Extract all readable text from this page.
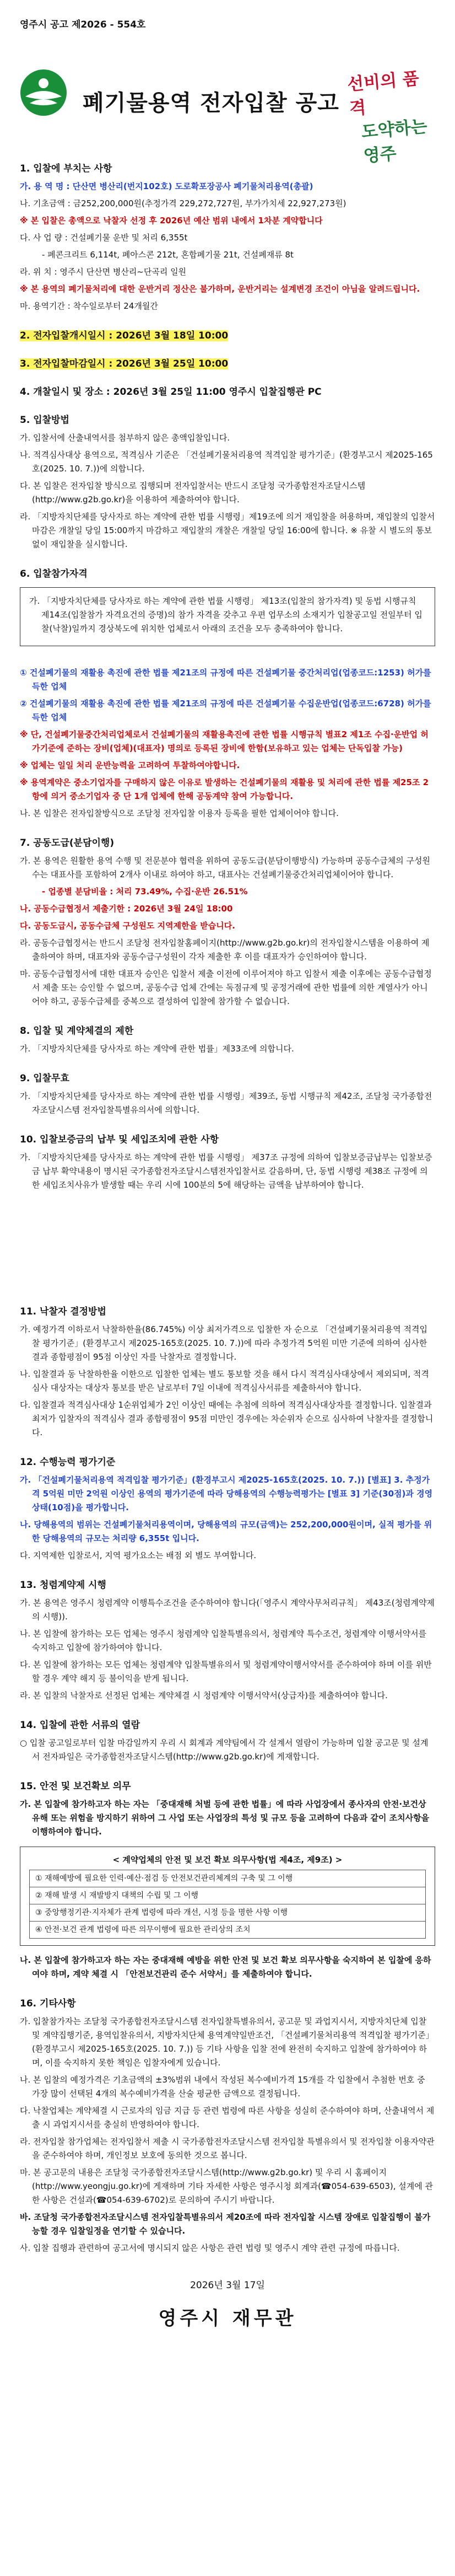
영주시 공고 제2026 - 554호
폐기물용역 전자입찰 공고
선비의 품격
도약하는 영주
1. 입찰에 부치는 사항
가. 용 역 명 : 단산면 병산리(번지102호) 도로확포장공사 폐기물처리용역(총괄)
나. 기초금액 : 금252,200,000원(추정가격 229,272,727원, 부가가치세 22,927,273원)
※ 본 입찰은 총액으로 낙찰자 선정 후 2026년 예산 범위 내에서 1차분 계약합니다
다. 사 업 량 : 건설폐기물 운반 및 처리 6,355t
- 폐콘크리트 6,114t, 폐아스콘 212t, 혼합폐기물 21t, 건설폐재류 8t
라. 위 치 : 영주시 단산면 병산리~단곡리 일원
※ 본 용역의 폐기물처리에 대한 운반거리 정산은 불가하며, 운반거리는 설계변경 조건이 아님을 알려드립니다.
마. 용역기간 : 착수일로부터 24개월간
2. 전자입찰개시일시 : 2026년 3월 18일 10:00
3. 전자입찰마감일시 : 2026년 3월 25일 10:00
4. 개찰일시 및 장소 : 2026년 3월 25일 11:00 영주시 입찰집행관 PC
5. 입찰방법
가. 입찰서에 산출내역서를 첨부하지 않은 총액입찰입니다.
나. 적격심사대상 용역으로, 적격심사 기준은 「건설폐기물처리용역 적격입찰 평가기준」(환경부고시 제2025-165호(2025. 10. 7.))에 의합니다.
다. 본 입찰은 전자입찰 방식으로 집행되며 전자입찰서는 반드시 조달청 국가종합전자조달시스템(http://www.g2b.go.kr)을 이용하여 제출하여야 합니다.
라. 「지방자치단체를 당사자로 하는 계약에 관한 법률 시행령」제19조에 의거 재입찰을 허용하며, 재입찰의 입찰서 마감은 개찰일 당일 15:00까지 마감하고 재입찰의 개찰은 개찰일 당일 16:00에 합니다. ※ 유찰 시 별도의 통보 없이 재입찰을 실시합니다.
6. 입찰참가자격
가. 「지방자치단체를 당사자로 하는 계약에 관한 법률 시행령」 제13조(입찰의 참가자격) 및 동법 시행규칙 제14조(입찰참가 자격요건의 증명)의 참가 자격을 갖추고 우편 업무소의 소재지가 입찰공고일 전일부터 입찰(낙찰)일까지 경상북도에 위치한 업체로서 아래의 조건을 모두 충족하여야 합니다.
① 건설폐기물의 재활용 촉진에 관한 법률 제21조의 규정에 따른 건설폐기물 중간처리업(업종코드:1253) 허가를 득한 업체
② 건설폐기물의 재활용 촉진에 관한 법률 제21조의 규정에 따른 건설폐기물 수집운반업(업종코드:6728) 허가를 득한 업체
※ 단, 건설폐기물중간처리업체로서 건설폐기물의 재활용촉진에 관한 법률 시행규칙 별표2 제1조 수집·운반업 허가기준에 준하는 장비(업체)(대표자) 명의로 등록된 장비에 한함(보유하고 있는 업체는 단독입찰 가능)
※ 업체는 일일 처리 운반능력을 고려하여 투찰하여야합니다.
※ 용역계약은 중소기업자를 구매하지 않은 이유로 발생하는 건설폐기물의 재활용 및 처리에 관한 법률 제25조 2항에 의거 중소기업자 중 단 1개 업체에 한해 공동계약 참여 가능합니다.
나. 본 입찰은 전자입찰방식으로 조달청 전자입찰 이용자 등록을 필한 업체이어야 합니다.
7. 공동도급(분담이행)
가. 본 용역은 원활한 용역 수행 및 전문분야 협력을 위하여 공동도급(분담이행방식) 가능하며 공동수급체의 구성원 수는 대표사를 포함하여 2개사 이내로 하여야 하고, 대표사는 건설폐기물중간처리업체이어야 합니다.
- 업종별 분담비율 : 처리 73.49%, 수집·운반 26.51%
나. 공동수급협정서 제출기한 : 2026년 3월 24일 18:00
다. 공동도급시, 공동수급체 구성원도 지역제한을 받습니다.
라. 공동수급협정서는 반드시 조달청 전자입찰홈페이지(http://www.g2b.go.kr)의 전자입찰시스템을 이용하여 제출하여야 하며, 대표자와 공동수급구성원이 각자 제출한 후 이를 대표자가 승인하여야 합니다.
마. 공동수급협정서에 대한 대표자 승인은 입찰서 제출 이전에 이루어져야 하고 입찰서 제출 이후에는 공동수급협정서 제출 또는 승인할 수 없으며, 공동수급 업체 간에는 독점규제 및 공정거래에 관한 법률에 의한 계열사가 아니어야 하고, 공동수급체를 중복으로 결성하여 입찰에 참가할 수 없습니다.
8. 입찰 및 계약체결의 제한
가. 「지방자치단체를 당사자로 하는 계약에 관한 법률」제33조에 의합니다.
9. 입찰무효
가. 「지방자치단체를 당사자로 하는 계약에 관한 법률 시행령」제39조, 동법 시행규칙 제42조, 조달청 국가종합전자조달시스템 전자입찰특별유의서에 의합니다.
10. 입찰보증금의 납부 및 세입조치에 관한 사항
가. 「지방자치단체를 당사자로 하는 계약에 관한 법률 시행령」 제37조 규정에 의하여 입찰보증금납부는 입찰보증금 납부 확약내용이 명시된 국가종합전자조달시스템전자입찰서로 갈음하며, 단, 동법 시행령 제38조 규정에 의한 세입조치사유가 발생할 때는 우리 시에 100분의 5에 해당하는 금액을 납부하여야 합니다.
11. 낙찰자 결정방법
가. 예정가격 이하로서 낙찰하한율(86.745%) 이상 최저가격으로 입찰한 자 순으로 「건설폐기물처리용역 적격입찰 평가기준」(환경부고시 제2025-165호(2025. 10. 7.))에 따라 추정가격 5억원 미만 기준에 의하여 심사한 결과 종합평점이 95점 이상인 자를 낙찰자로 결정합니다.
나. 입찰결과 동 낙찰하한율 이한으로 입찰한 업체는 별도 통보할 것을 해서 다시 적격심사대상에서 제외되며, 적격심사 대상자는 대상자 통보를 받은 날로부터 7일 이내에 적격심사서류를 제출하셔야 합니다.
다. 입찰결과 적격심사대상 1순위업체가 2인 이상인 때에는 추첨에 의하여 적격심사대상자를 결정합니다. 입찰결과 최저가 입찰자의 적격심사 결과 종합평점이 95점 미만인 경우에는 차순위자 순으로 심사하여 낙찰자를 결정합니다.
12. 수행능력 평가기준
가. 「건설폐기물처리용역 적격입찰 평가기준」(환경부고시 제2025-165호(2025. 10. 7.)) [별표] 3. 추정가격 5억원 미만 2억원 이상인 용역의 평가기준에 따라 당해용역의 수행능력평가는 [별표 3] 기준(30점)과 경영상태(10점)을 평가합니다.
나. 당해용역의 범위는 건설폐기물처리용역이며, 당해용역의 규모(금액)는 252,200,000원이며, 실적 평가를 위한 당해용역의 규모는 처리량 6,355t 입니다.
다. 지역제한 입찰로서, 지역 평가요소는 배점 외 별도 부여합니다.
13. 청렴계약제 시행
가. 본 용역은 영주시 청렴계약 이행특수조건을 준수하여야 합니다(「영주시 계약사무처리규칙」 제43조(청렴계약제의 시행)).
나. 본 입찰에 참가하는 모든 업체는 영주시 청렴계약 입찰특별유의서, 청렴계약 특수조건, 청렴계약 이행서약서를 숙지하고 입찰에 참가하여야 합니다.
다. 본 입찰에 참가하는 모든 업체는 청렴계약 입찰특별유의서 및 청렴계약이행서약서를 준수하여야 하며 이를 위반할 경우 계약 해지 등 불이익을 받게 됩니다.
라. 본 입찰의 낙찰자로 선정된 업체는 계약체결 시 청렴계약 이행서약서(상급자)를 제출하여야 합니다.
14. 입찰에 관한 서류의 열람
○ 입찰 공고일로부터 입찰 마감일까지 우리 시 회계과 계약팀에서 각 설계서 열람이 가능하며 입찰 공고문 및 설계서 전자파일은 국가종합전자조달시스템(http://www.g2b.go.kr)에 게재합니다.
15. 안전 및 보건확보 의무
가. 본 입찰에 참가하고자 하는 자는 「중대재해 처벌 등에 관한 법률」에 따라 사업장에서 종사자의 안전·보건상 유해 또는 위험을 방지하기 위하여 그 사업 또는 사업장의 특성 및 규모 등을 고려하여 다음과 같이 조치사항을 이행하여야 합니다.
< 계약업체의 안전 및 보건 확보 의무사항(법 제4조, 제9조) >
① 재해예방에 필요한 인력·예산·점검 등 안전보건관리체계의 구축 및 그 이행
② 재해 발생 시 재발방지 대책의 수립 및 그 이행
③ 중앙행정기관·지자체가 관계 법령에 따라 개선, 시정 등을 명한 사항 이행
④ 안전·보건 관계 법령에 따른 의무이행에 필요한 관리상의 조치
나. 본 입찰에 참가하고자 하는 자는 중대재해 예방을 위한 안전 및 보건 확보 의무사항을 숙지하여 본 입찰에 응하여야 하며, 계약 체결 시 「안전보건관리 준수 서약서」를 제출하여야 합니다.
16. 기타사항
가. 입찰참가자는 조달청 국가종합전자조달시스템 전자입찰특별유의서, 공고문 및 과업지시서, 지방자치단체 입찰 및 계약집행기준, 용역입찰유의서, 지방자치단체 용역계약일반조건, 「건설폐기물처리용역 적격입찰 평가기준」(환경부고시 제2025-165호(2025. 10. 7.)) 등 기타 사항을 입찰 전에 완전히 숙지하고 입찰에 참가하여야 하며, 이를 숙지하지 못한 책임은 입찰자에게 있습니다.
나. 본 입찰의 예정가격은 기초금액의 ±3%범위 내에서 작성된 복수예비가격 15개를 각 입찰에서 추첨한 번호 중 가장 많이 선택된 4개의 복수예비가격을 산술 평균한 금액으로 결정됩니다.
다. 낙찰업체는 계약체결 시 근로자의 임금 지급 등 관련 법령에 따른 사항을 성실히 준수하여야 하며, 산출내역서 제출 시 과업지시서를 충실히 반영하여야 합니다.
라. 전자입찰 참가업체는 전자입찰서 제출 시 국가종합전자조달시스템 전자입찰 특별유의서 및 전자입찰 이용자약관을 준수하여야 하며, 개인정보 보호에 동의한 것으로 봅니다.
마. 본 공고문의 내용은 조달청 국가종합전자조달시스템(http://www.g2b.go.kr) 및 우리 시 홈페이지(http://www.yeongju.go.kr)에 게재하며 기타 자세한 사항은 영주시청 회계과(☎054-639-6503), 설계에 관한 사항은 건설과(☎054-639-6702)로 문의하여 주시기 바랍니다.
바. 조달청 국가종합전자조달시스템 전자입찰특별유의서 제20조에 따라 전자입찰 시스템 장애로 입찰집행이 불가능할 경우 입찰일정을 연기할 수 있습니다.
사. 입찰 집행과 관련하여 공고서에 명시되지 않은 사항은 관련 법령 및 영주시 계약 관련 규정에 따릅니다.
2026년 3월 17일
영주시 재무관
